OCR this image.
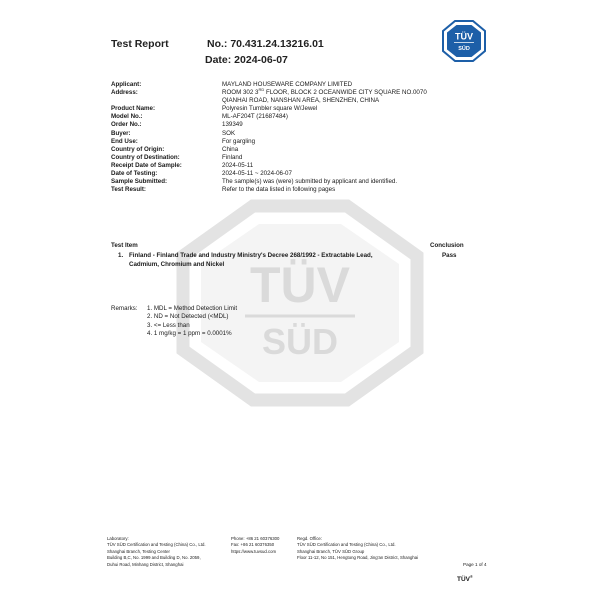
TÜV
SÜD
Test Report	No.: 70.431.24.13216.01
Date: 2024-06-07
TÜV
SÜD
Applicant:	MAYLAND HOUSEWARE COMPANY LIMITED
Address:	ROOM 302 3RD FLOOR, BLOCK 2 OCEANWIDE CITY SQUARE NO.0070
QIANHAI ROAD, NANSHAN AREA, SHENZHEN, CHINA
Product Name:	Polyresin Tumbler square W/Jewel
Model No.:	ML-AF204T (21687484)
Order No.:	139349
Buyer:	SOK
End Use:	For gargling
Country of Origin:	China
Country of Destination:	Finland
Receipt Date of Sample:	2024-05-11
Date of Testing:	2024-05-11 ~ 2024-06-07
Sample Submitted:	The sample(s) was (were) submitted by applicant and identified.
Test Result:	Refer to the data listed in following pages
Test Item	Conclusion
1. Finland - Finland Trade and Industry Ministry's Decree 268/1992 - Extractable Lead,
Cadmium, Chromium and Nickel
Pass
Remarks: 1. MDL = Method Detection Limit
2. ND = Not Detected (<MDL)
3. <= Less than
4. 1 mg/kg = 1 ppm = 0.0001%
Laboratory:
TÜV SÜD Certification and Testing (China) Co., Ltd.
Shanghai Branch, Testing Center
Building B,C, No. 1999 and Building D, No. 2059,
Duhui Road, Minhang District, Shanghai
Phone: +86 21 60376300
Fax: +86 21 60376350
https://www.tuvsud.com
Regd. Office:
TÜV SÜD Certification and Testing (China) Co., Ltd.
Shanghai Branch, TÜV SÜD Group
Floor 11-12, No 151, Hengtong Road, Jing'an District, Shanghai
Page 1 of 4
TÜV®
